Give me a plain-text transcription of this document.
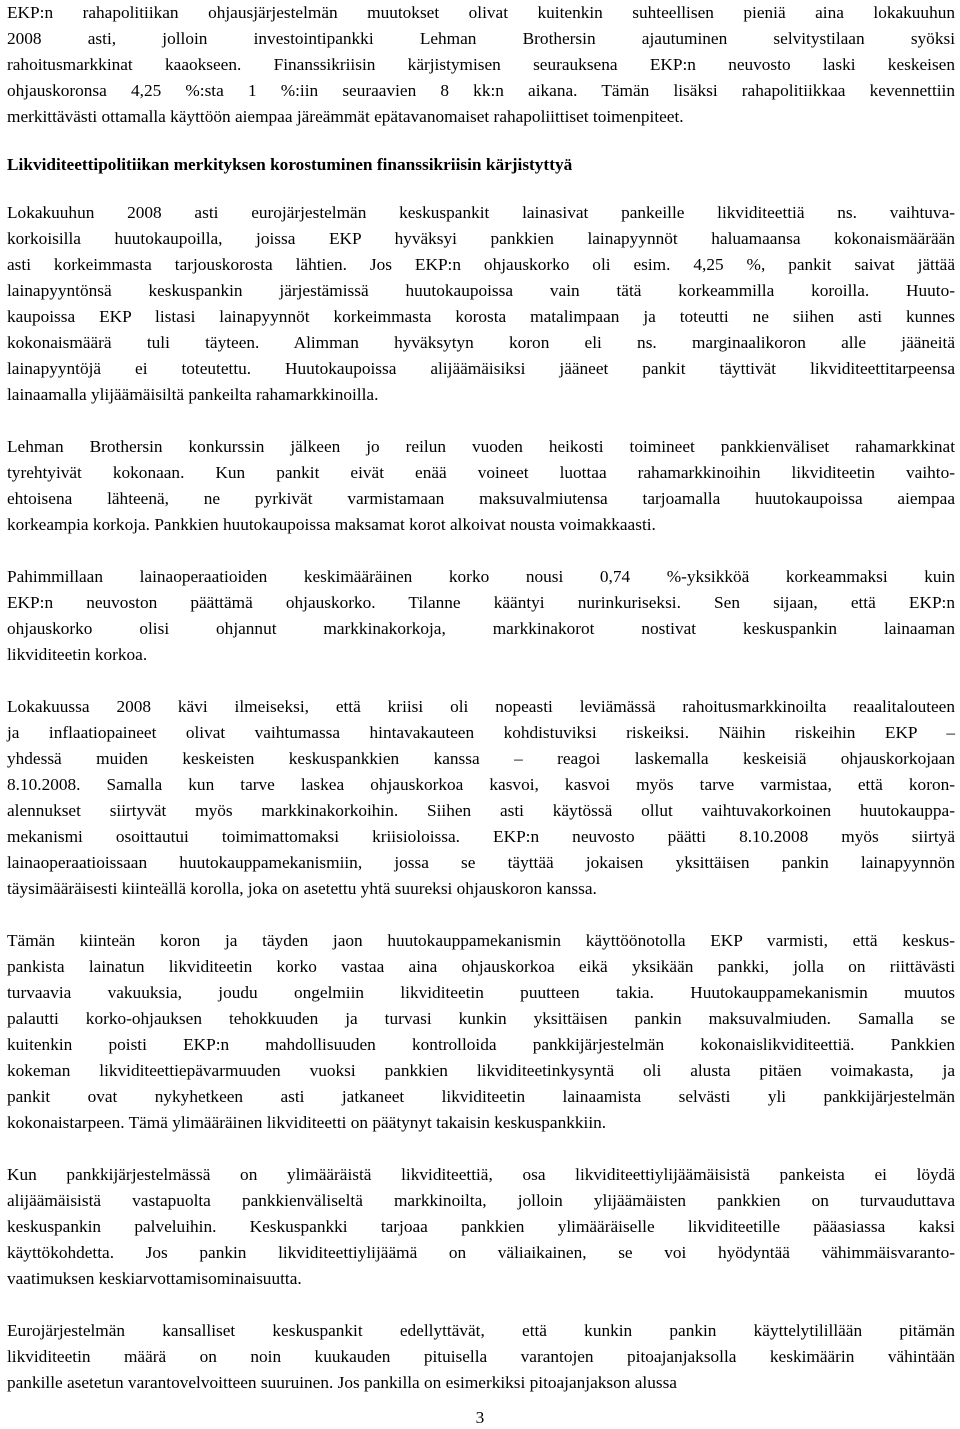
EKP:n rahapolitiikan ohjausjärjestelmän muutokset olivat kuitenkin suhteellisen pieniä aina lokakuuhun
2008 asti, jolloin investointipankki Lehman Brothersin ajautuminen selvitystilaan syöksi
rahoitusmarkkinat kaaokseen. Finanssikriisin kärjistymisen seurauksena EKP:n neuvosto laski keskeisen
ohjauskoronsa 4,25 %:sta 1 %:iin seuraavien 8 kk:n aikana. Tämän lisäksi rahapolitiikkaa kevennettiin
merkittävästi ottamalla käyttöön aiempaa järeämmät epätavanomaiset rahapoliittiset toimenpiteet.
Likviditeettipolitiikan merkityksen korostuminen finanssikriisin kärjistyttyä
Lokakuuhun 2008 asti eurojärjestelmän keskuspankit lainasivat pankeille likviditeettiä ns. vaihtuva-
korkoisilla huutokaupoilla, joissa EKP hyväksyi pankkien lainapyynnöt haluamaansa kokonaismäärään
asti korkeimmasta tarjouskorosta lähtien. Jos EKP:n ohjauskorko oli esim. 4,25 %, pankit saivat jättää
lainapyyntönsä keskuspankin järjestämissä huutokaupoissa vain tätä korkeammilla koroilla. Huuto-
kaupoissa EKP listasi lainapyynnöt korkeimmasta korosta matalimpaan ja toteutti ne siihen asti kunnes
kokonaismäärä tuli täyteen. Alimman hyväksytyn koron eli ns. marginaalikoron alle jääneitä
lainapyyntöjä ei toteutettu. Huutokaupoissa alijäämäisiksi jääneet pankit täyttivät likviditeettitarpeensa
lainaamalla ylijäämäisiltä pankeilta rahamarkkinoilla.
Lehman Brothersin konkurssin jälkeen jo reilun vuoden heikosti toimineet pankkienväliset rahamarkkinat
tyrehtyivät kokonaan. Kun pankit eivät enää voineet luottaa rahamarkkinoihin likviditeetin vaihto-
ehtoisena lähteenä, ne pyrkivät varmistamaan maksuvalmiutensa tarjoamalla huutokaupoissa aiempaa
korkeampia korkoja. Pankkien huutokaupoissa maksamat korot alkoivat nousta voimakkaasti.
Pahimmillaan lainaoperaatioiden keskimääräinen korko nousi 0,74 %-yksikköä korkeammaksi kuin
EKP:n neuvoston päättämä ohjauskorko. Tilanne kääntyi nurinkuriseksi. Sen sijaan, että EKP:n
ohjauskorko olisi ohjannut markkinakorkoja, markkinakorot nostivat keskuspankin lainaaman
likviditeetin korkoa.
Lokakuussa 2008 kävi ilmeiseksi, että kriisi oli nopeasti leviämässä rahoitusmarkkinoilta reaalitalouteen
ja inflaatiopaineet olivat vaihtumassa hintavakauteen kohdistuviksi riskeiksi. Näihin riskeihin EKP –
yhdessä muiden keskeisten keskuspankkien kanssa – reagoi laskemalla keskeisiä ohjauskorkojaan
8.10.2008. Samalla kun tarve laskea ohjauskorkoa kasvoi, kasvoi myös tarve varmistaa, että koron-
alennukset siirtyvät myös markkinakorkoihin. Siihen asti käytössä ollut vaihtuvakorkoinen huutokauppa-
mekanismi osoittautui toimimattomaksi kriisioloissa. EKP:n neuvosto päätti 8.10.2008 myös siirtyä
lainaoperaatioissaan huutokauppamekanismiin, jossa se täyttää jokaisen yksittäisen pankin lainapyynnön
täysimääräisesti kiinteällä korolla, joka on asetettu yhtä suureksi ohjauskoron kanssa.
Tämän kiinteän koron ja täyden jaon huutokauppamekanismin käyttöönotolla EKP varmisti, että keskus-
pankista lainatun likviditeetin korko vastaa aina ohjauskorkoa eikä yksikään pankki, jolla on riittävästi
turvaavia vakuuksia, joudu ongelmiin likviditeetin puutteen takia. Huutokauppamekanismin muutos
palautti korko-ohjauksen tehokkuuden ja turvasi kunkin yksittäisen pankin maksuvalmiuden. Samalla se
kuitenkin poisti EKP:n mahdollisuuden kontrolloida pankkijärjestelmän kokonaislikviditeettiä. Pankkien
kokeman likviditeettiepävarmuuden vuoksi pankkien likviditeetinkysyntä oli alusta pitäen voimakasta, ja
pankit ovat nykyhetkeen asti jatkaneet likviditeetin lainaamista selvästi yli pankkijärjestelmän
kokonaistarpeen. Tämä ylimääräinen likviditeetti on päätynyt takaisin keskuspankkiin.
Kun pankkijärjestelmässä on ylimääräistä likviditeettiä, osa likviditeettiylijäämäisistä pankeista ei löydä
alijäämäisistä vastapuolta pankkienväliseltä markkinoilta, jolloin ylijäämäisten pankkien on turvauduttava
keskuspankin palveluihin. Keskuspankki tarjoaa pankkien ylimääräiselle likviditeetille pääasiassa kaksi
käyttökohdetta. Jos pankin likviditeettiylijäämä on väliaikainen, se voi hyödyntää vähimmäisvaranto-
vaatimuksen keskiarvottamisominaisuutta.
Eurojärjestelmän kansalliset keskuspankit edellyttävät, että kunkin pankin käyttelytilillään pitämän
likviditeetin määrä on noin kuukauden pituisella varantojen pitoajanjaksolla keskimäärin vähintään
pankille asetetun varantovelvoitteen suuruinen. Jos pankilla on esimerkiksi pitoajanjakson alussa
3
